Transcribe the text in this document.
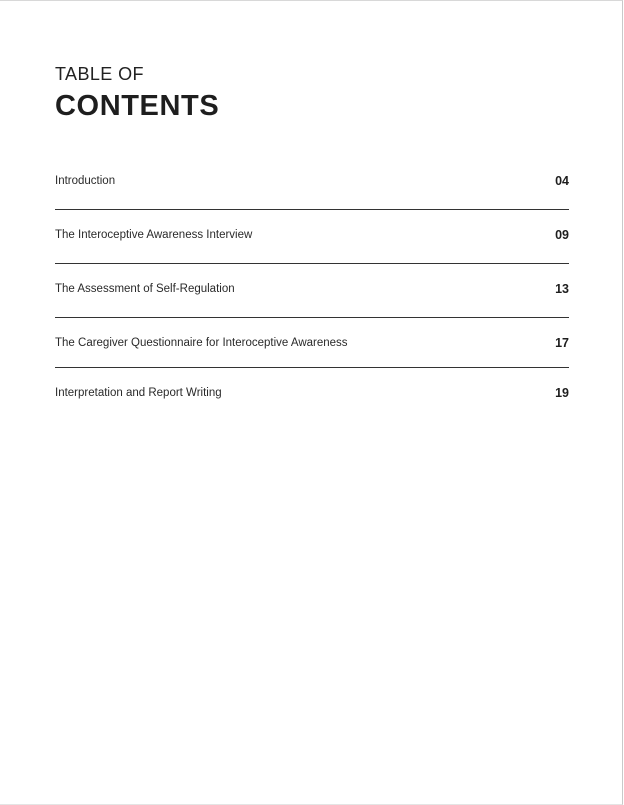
TABLE OF
CONTENTS
Introduction	04
The Interoceptive Awareness Interview	09
The Assessment of Self-Regulation	13
The Caregiver Questionnaire for Interoceptive Awareness	17
Interpretation and Report Writing	19
